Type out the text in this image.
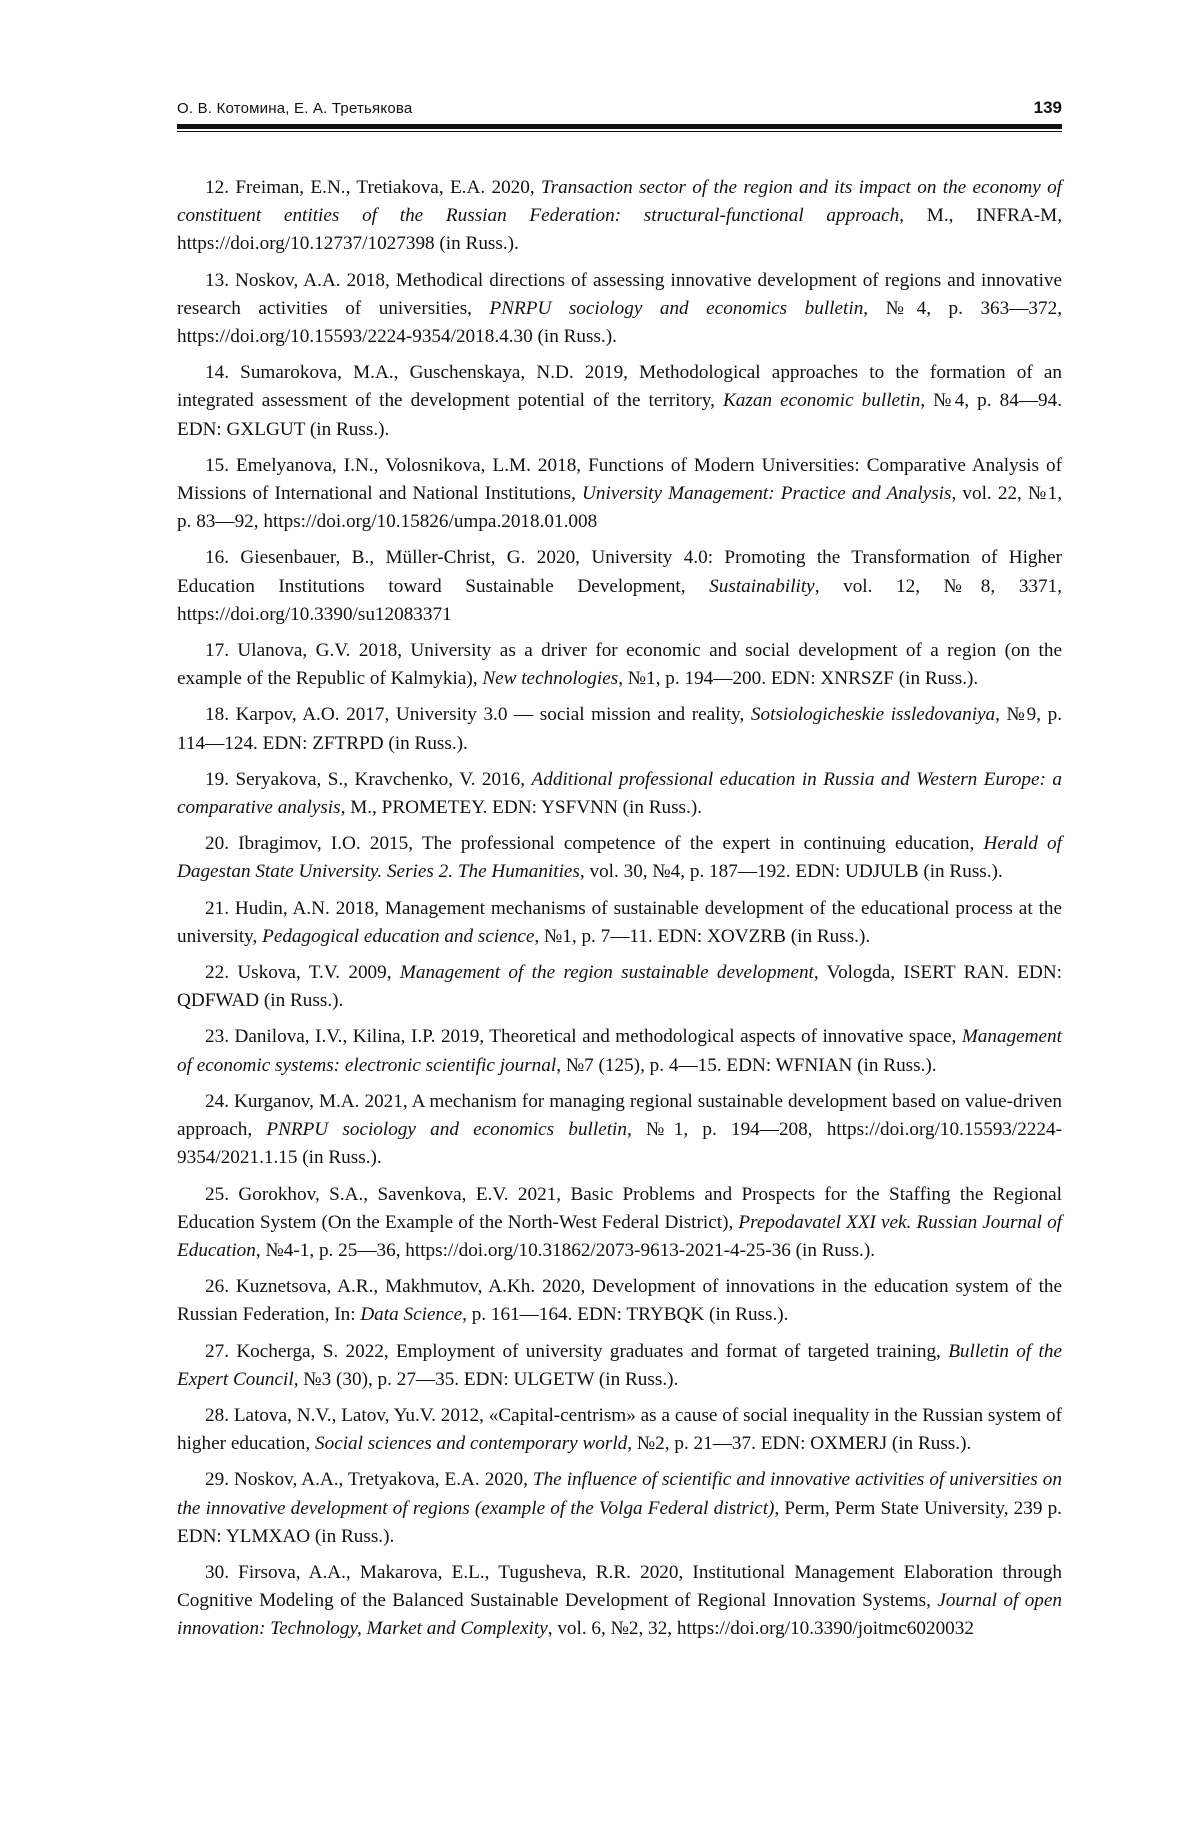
О. В. Котомина, Е. А. Третьякова	139
12. Freiman, E.N., Tretiakova, E.A. 2020, Transaction sector of the region and its impact on the economy of constituent entities of the Russian Federation: structural-functional approach, M., INFRA-M, https://doi.org/10.12737/1027398 (in Russ.).
13. Noskov, A.A. 2018, Methodical directions of assessing innovative development of regions and innovative research activities of universities, PNRPU sociology and economics bulletin, №4, p. 363—372, https://doi.org/10.15593/2224-9354/2018.4.30 (in Russ.).
14. Sumarokova, M.A., Guschenskaya, N.D. 2019, Methodological approaches to the formation of an integrated assessment of the development potential of the territory, Kazan economic bulletin, №4, p. 84—94. EDN: GXLGUT (in Russ.).
15. Emelyanova, I.N., Volosnikova, L.M. 2018, Functions of Modern Universities: Comparative Analysis of Missions of International and National Institutions, University Management: Practice and Analysis, vol. 22, №1, p. 83—92, https://doi.org/10.15826/umpa.2018.01.008
16. Giesenbauer, B., Müller-Christ, G. 2020, University 4.0: Promoting the Transformation of Higher Education Institutions toward Sustainable Development, Sustainability, vol. 12, №8, 3371, https://doi.org/10.3390/su12083371
17. Ulanova, G.V. 2018, University as a driver for economic and social development of a region (on the example of the Republic of Kalmykia), New technologies, №1, p. 194—200. EDN: XNRSZF (in Russ.).
18. Karpov, A.O. 2017, University 3.0 — social mission and reality, Sotsiologicheskie issledovaniya, №9, p. 114—124. EDN: ZFTRPD (in Russ.).
19. Seryakova, S., Kravchenko, V. 2016, Additional professional education in Russia and Western Europe: a comparative analysis, M., PROMETEY. EDN: YSFVNN (in Russ.).
20. Ibragimov, I.O. 2015, The professional competence of the expert in continuing education, Herald of Dagestan State University. Series 2. The Humanities, vol. 30, №4, p. 187—192. EDN: UDJULB (in Russ.).
21. Hudin, A.N. 2018, Management mechanisms of sustainable development of the educational process at the university, Pedagogical education and science, №1, p. 7—11. EDN: XOVZRB (in Russ.).
22. Uskova, T.V. 2009, Management of the region sustainable development, Vologda, ISERT RAN. EDN: QDFWAD (in Russ.).
23. Danilova, I.V., Kilina, I.P. 2019, Theoretical and methodological aspects of innovative space, Management of economic systems: electronic scientific journal, №7 (125), p. 4—15. EDN: WFNIAN (in Russ.).
24. Kurganov, M.A. 2021, A mechanism for managing regional sustainable development based on value-driven approach, PNRPU sociology and economics bulletin, №1, p. 194—208, https://doi.org/10.15593/2224-9354/2021.1.15 (in Russ.).
25. Gorokhov, S.A., Savenkova, E.V. 2021, Basic Problems and Prospects for the Staffing the Regional Education System (On the Example of the North-West Federal District), Prepodavatel XXI vek. Russian Journal of Education, №4-1, p. 25—36, https://doi.org/10.31862/2073-9613-2021-4-25-36 (in Russ.).
26. Kuznetsova, A.R., Makhmutov, A.Kh. 2020, Development of innovations in the education system of the Russian Federation, In: Data Science, p. 161—164. EDN: TRYBQK (in Russ.).
27. Kocherga, S. 2022, Employment of university graduates and format of targeted training, Bulletin of the Expert Council, №3 (30), p. 27—35. EDN: ULGETW (in Russ.).
28. Latova, N.V., Latov, Yu.V. 2012, «Capital-centrism» as a cause of social inequality in the Russian system of higher education, Social sciences and contemporary world, №2, p. 21—37. EDN: OXMERJ (in Russ.).
29. Noskov, A.A., Tretyakova, E.A. 2020, The influence of scientific and innovative activities of universities on the innovative development of regions (example of the Volga Federal district), Perm, Perm State University, 239 p. EDN: YLMXAO (in Russ.).
30. Firsova, A.A., Makarova, E.L., Tugusheva, R.R. 2020, Institutional Management Elaboration through Cognitive Modeling of the Balanced Sustainable Development of Regional Innovation Systems, Journal of open innovation: Technology, Market and Complexity, vol. 6, №2, 32, https://doi.org/10.3390/joitmc6020032
